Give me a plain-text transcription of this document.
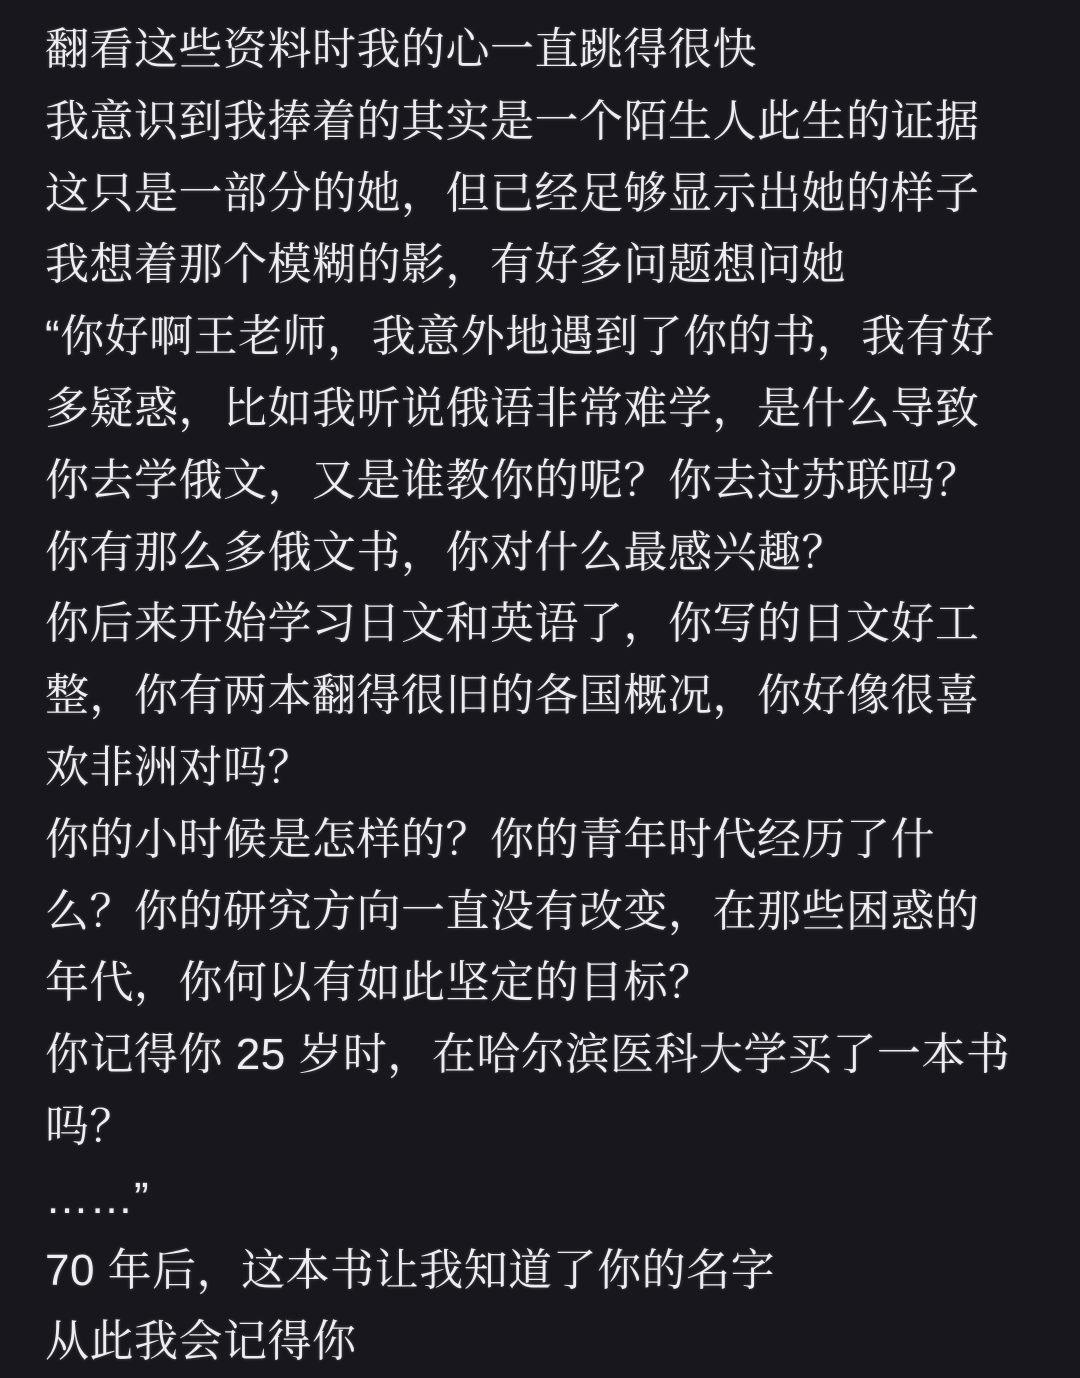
翻看这些资料时我的心一直跳得很快
我意识到我捧着的其实是一个陌生人此生的证据
这只是一部分的她，但已经足够显示出她的样子
我想着那个模糊的影，有好多问题想问她
“你好啊王老师，我意外地遇到了你的书，我有好
多疑惑，比如我听说俄语非常难学，是什么导致
你去学俄文，又是谁教你的呢？你去过苏联吗？
你有那么多俄文书，你对什么最感兴趣？
你后来开始学习日文和英语了，你写的日文好工
整，你有两本翻得很旧的各国概况，你好像很喜
欢非洲对吗？
你的小时候是怎样的？你的青年时代经历了什
么？你的研究方向一直没有改变，在那些困惑的
年代，你何以有如此坚定的目标？
你记得你 25 岁时，在哈尔滨医科大学买了一本书
吗？
……”
70 年后，这本书让我知道了你的名字
从此我会记得你
